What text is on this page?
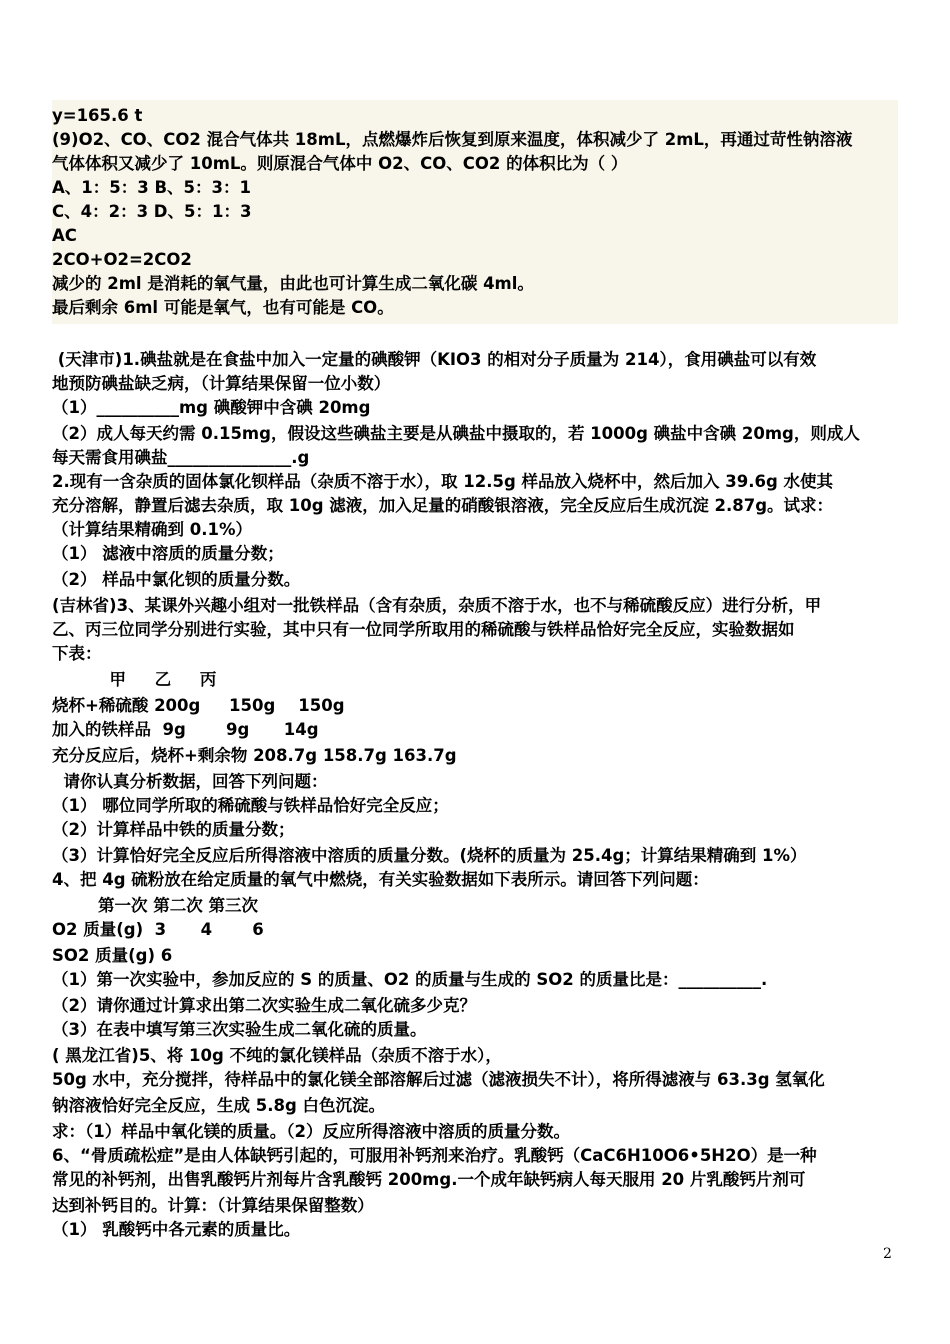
y=165.6 t
(9)O2、CO、CO2 混合气体共 18mL，点燃爆炸后恢复到原来温度，体积减少了 2mL，再通过苛性钠溶液
气体体积又减少了 10mL。则原混合气体中 O2、CO、CO2 的体积比为（ ）
A、1：5：3 B、5：3：1
C、4：2：3 D、5：1：3
AC
2CO+O2=2CO2
减少的 2ml 是消耗的氧气量，由此也可计算生成二氧化碳 4ml。
最后剩余 6ml 可能是氧气，也有可能是 CO。
(天津市)1.碘盐就是在食盐中加入一定量的碘酸钾（KIO3 的相对分子质量为 214），食用碘盐可以有效
地预防碘盐缺乏病，（计算结果保留一位小数）
（1）__________mg 碘酸钾中含碘 20mg
（2）成人每天约需 0.15mg，假设这些碘盐主要是从碘盐中摄取的，若 1000g 碘盐中含碘 20mg，则成人
每天需食用碘盐_______________.g
2.现有一含杂质的固体氯化钡样品（杂质不溶于水），取 12.5g 样品放入烧杯中，然后加入 39.6g 水使其
充分溶解，静置后滤去杂质，取 10g 滤液，加入足量的硝酸银溶液，完全反应后生成沉淀 2.87g。试求：
（计算结果精确到 0.1%）
（1） 滤液中溶质的质量分数；
（2） 样品中氯化钡的质量分数。
(吉林省)3、某课外兴趣小组对一批铁样品（含有杂质，杂质不溶于水，也不与稀硫酸反应）进行分析，甲
乙、丙三位同学分别进行实验，其中只有一位同学所取用的稀硫酸与铁样品恰好完全反应，实验数据如
下表：
甲     乙     丙
烧杯+稀硫酸 200g     150g    150g
加入的铁样品  9g       9g      14g
充分反应后，烧杯+剩余物 208.7g 158.7g 163.7g
请你认真分析数据，回答下列问题：
（1） 哪位同学所取的稀硫酸与铁样品恰好完全反应；
（2）计算样品中铁的质量分数；
（3）计算恰好完全反应后所得溶液中溶质的质量分数。(烧杯的质量为 25.4g；计算结果精确到 1%）
4、把 4g 硫粉放在给定质量的氧气中燃烧，有关实验数据如下表所示。请回答下列问题：
第一次 第二次 第三次
O2 质量(g)  3      4       6
SO2 质量(g) 6
（1）第一次实验中，参加反应的 S 的质量、O2 的质量与生成的 SO2 的质量比是：__________.
（2）请你通过计算求出第二次实验生成二氧化硫多少克？
（3）在表中填写第三次实验生成二氧化硫的质量。
( 黑龙江省)5、将 10g 不纯的氯化镁样品（杂质不溶于水），
50g 水中，充分搅拌，待样品中的氯化镁全部溶解后过滤（滤液损失不计），将所得滤液与 63.3g 氢氧化
钠溶液恰好完全反应，生成 5.8g 白色沉淀。
求：（1）样品中氧化镁的质量。（2）反应所得溶液中溶质的质量分数。
6、“骨质疏松症”是由人体缺钙引起的，可服用补钙剂来治疗。乳酸钙（CaC6H10O6•5H2O）是一种
常见的补钙剂，出售乳酸钙片剂每片含乳酸钙 200mg.一个成年缺钙病人每天服用 20 片乳酸钙片剂可
达到补钙目的。计算：（计算结果保留整数）
（1） 乳酸钙中各元素的质量比。
2
